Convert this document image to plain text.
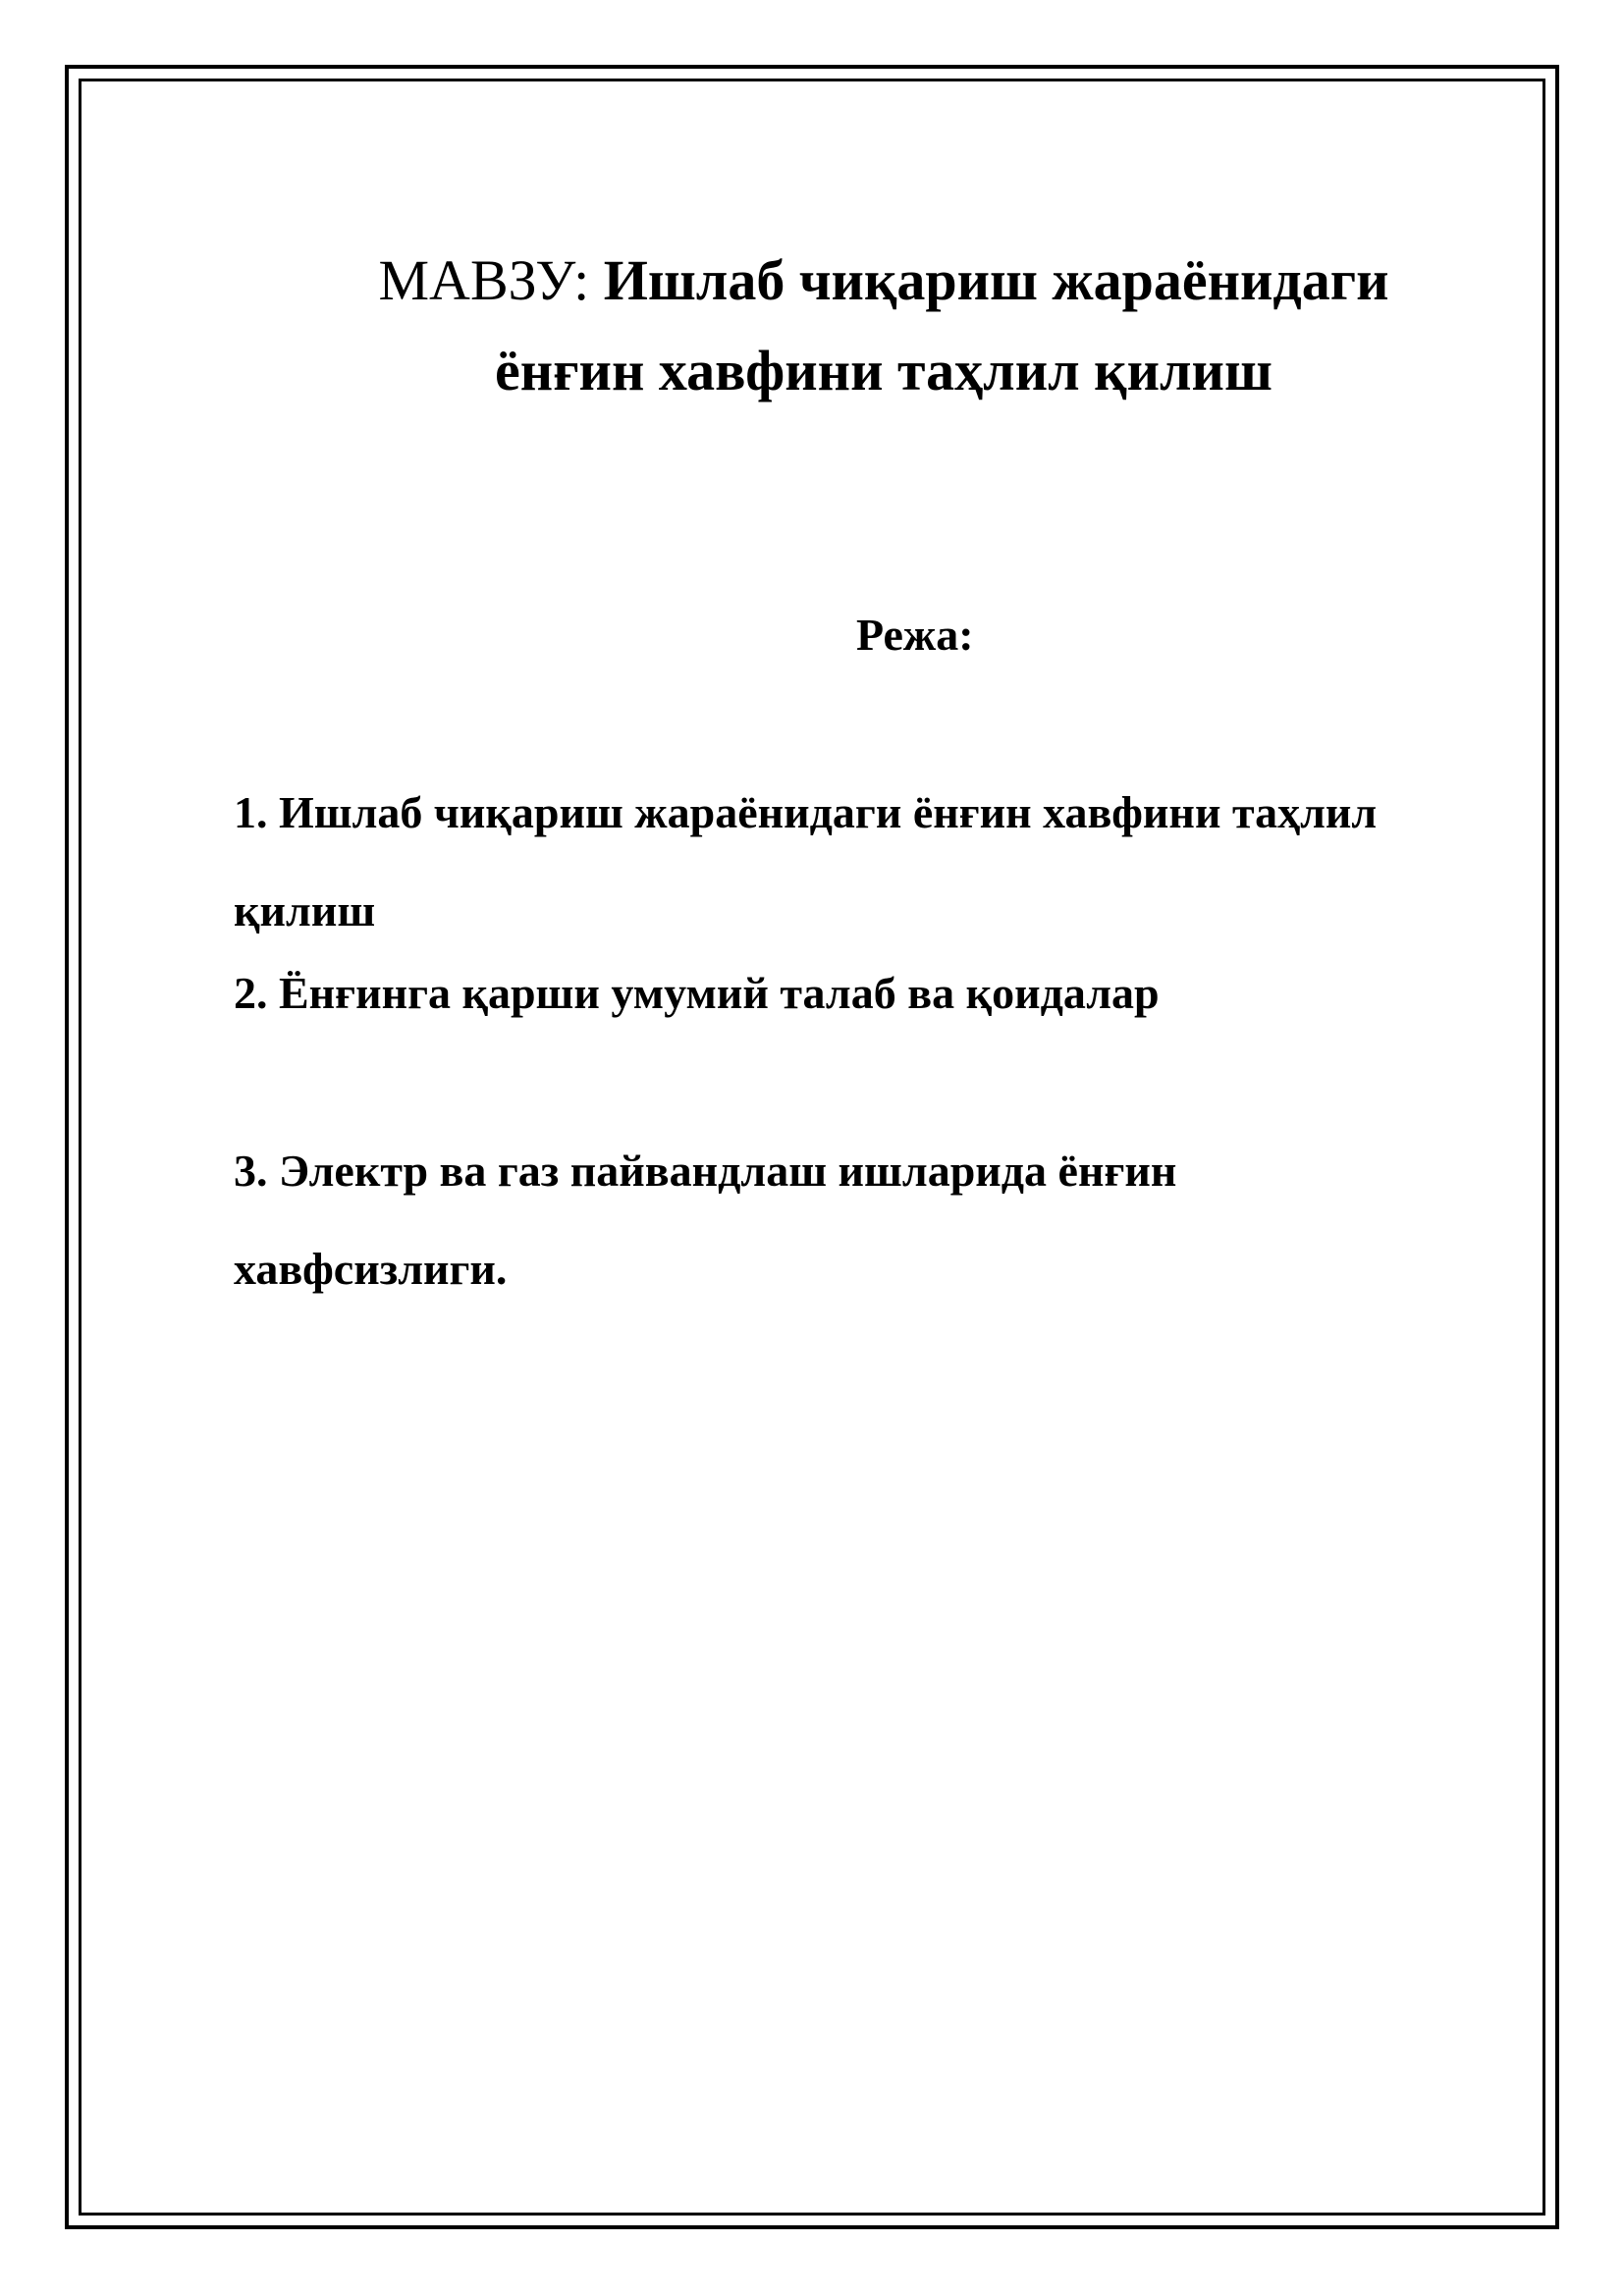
МАВЗУ: Ишлаб чиқариш жараёнидаги
ёнғин хавфини таҳлил қилиш

Режа:

1. Ишлаб чиқариш жараёнидаги ёнғин хавфини таҳлил
қилиш

2. Ёнғинга қарши умумий талаб ва қоидалар

3. Электр ва газ пайвандлаш ишларида ёнғин
хавфсизлиги.
